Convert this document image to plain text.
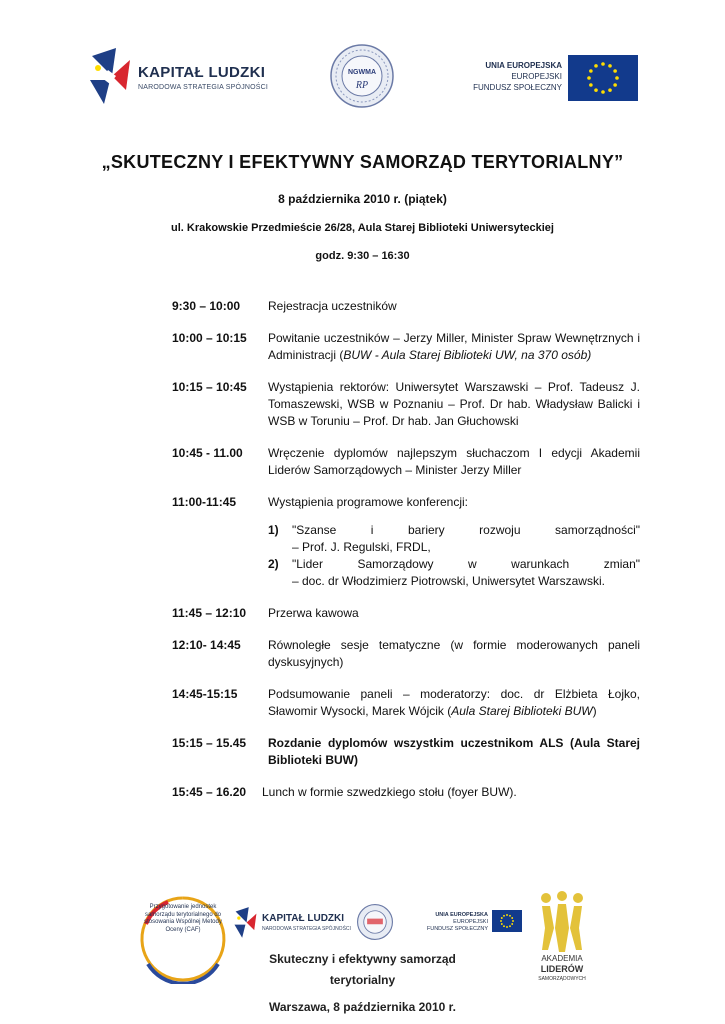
KAPITAŁ LUDZKI
NARODOWA STRATEGIA SPÓJNOŚCI
NGWMA
RP
UNIA EUROPEJSKA
EUROPEJSKI
FUNDUSZ SPOŁECZNY
„SKUTECZNY I EFEKTYWNY SAMORZĄD TERYTORIALNY”
8 października 2010 r. (piątek)
ul. Krakowskie Przedmieście 26/28, Aula Starej Biblioteki Uniwersyteckiej
godz. 9:30 – 16:30
9:30 – 10:00	Rejestracja uczestników
10:00 – 10:15	Powitanie uczestników – Jerzy Miller, Minister Spraw Wewnętrznych i Administracji (BUW - Aula Starej Biblioteki UW, na 370 osób)
10:15 – 10:45	Wystąpienia rektorów: Uniwersytet Warszawski – Prof. Tadeusz J. Tomaszewski, WSB w Poznaniu – Prof. Dr hab. Władysław Balicki i WSB w Toruniu – Prof. Dr hab. Jan Głuchowski
10:45 - 11.00	Wręczenie dyplomów najlepszym słuchaczom I edycji Akademii Liderów Samorządowych – Minister Jerzy Miller
11:00-11:45	Wystąpienia programowe konferencji:
1)	"Szanse i bariery rozwoju samorządności"
– Prof. J. Regulski, FRDL,
2)	"Lider Samorządowy w warunkach zmian"
– doc. dr Włodzimierz Piotrowski, Uniwersytet Warszawski.
11:45 – 12:10	Przerwa kawowa
12:10- 14:45	Równoległe sesje tematyczne (w formie moderowanych paneli dyskusyjnych)
14:45-15:15	Podsumowanie paneli – moderatorzy: doc. dr Elżbieta Łojko, Sławomir Wysocki, Marek Wójcik (Aula Starej Biblioteki BUW)
15:15 – 15.45	Rozdanie dyplomów wszystkim uczestnikom ALS (Aula Starej Biblioteki BUW)
15:45 – 16.20	Lunch w formie szwedzkiego stołu (foyer BUW).
Przygotowanie jednostek samorządu terytorialnego do stosowania Wspólnej Metody Oceny (CAF)
KAPITAŁ LUDZKI
NARODOWA STRATEGIA SPÓJNOŚCI
UNIA EUROPEJSKA
EUROPEJSKI
FUNDUSZ SPOŁECZNY
Skuteczny i efektywny samorząd
terytorialny
Warszawa, 8 października 2010 r.
AKADEMIA
LIDERÓW
SAMORZĄDOWYCH
